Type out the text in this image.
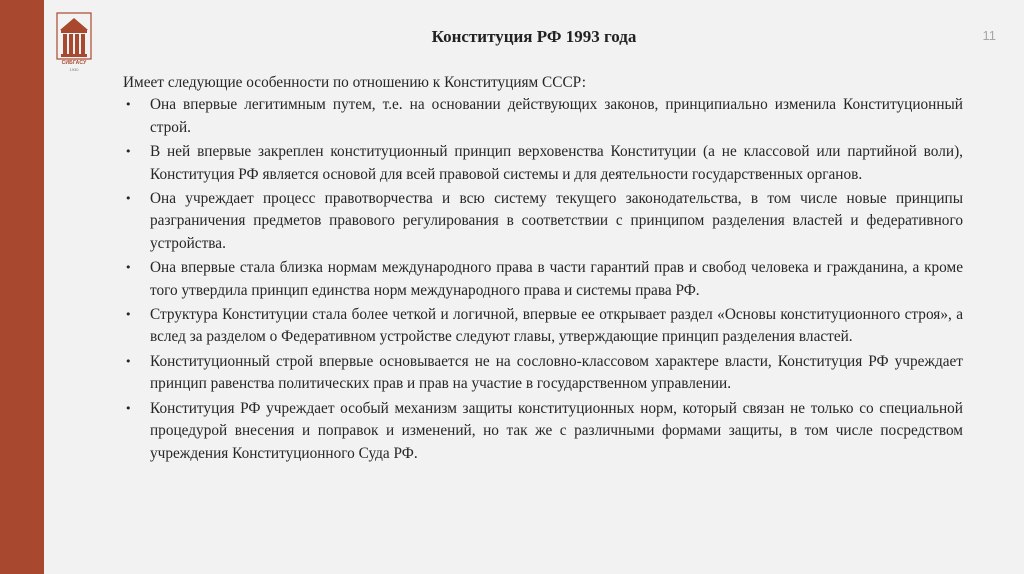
СИБГАСУ
1930
Конституция РФ 1993 года	11

Имеет следующие особенности по отношению к Конституциям СССР:

• Она впервые легитимным путем, т.е. на основании действующих законов, принципиально изменила Конституционный строй.
• В ней впервые закреплен конституционный принцип верховенства Конституции (а не классовой или партийной воли), Конституция РФ является основой для всей правовой системы и для деятельности государственных органов.
• Она учреждает процесс правотворчества и всю систему текущего законодательства, в том числе новые принципы разграничения предметов правового регулирования в соответствии с принципом разделения властей и федеративного устройства.
• Она впервые стала близка нормам международного права в части гарантий прав и свобод человека и гражданина, а кроме того утвердила принцип единства норм международного права и системы права РФ.
• Структура Конституции стала более четкой и логичной, впервые ее открывает раздел «Основы конституционного строя», а вслед за разделом о Федеративном устройстве следуют главы, утверждающие принцип разделения властей.
• Конституционный строй впервые основывается не на сословно-классовом характере власти, Конституция РФ учреждает принцип равенства политических прав и прав на участие в государственном управлении.
• Конституция РФ учреждает особый механизм защиты конституционных норм, который связан не только со специальной процедурой внесения и поправок и изменений, но так же с различными формами защиты, в том числе посредством учреждения Конституционного Суда РФ.
